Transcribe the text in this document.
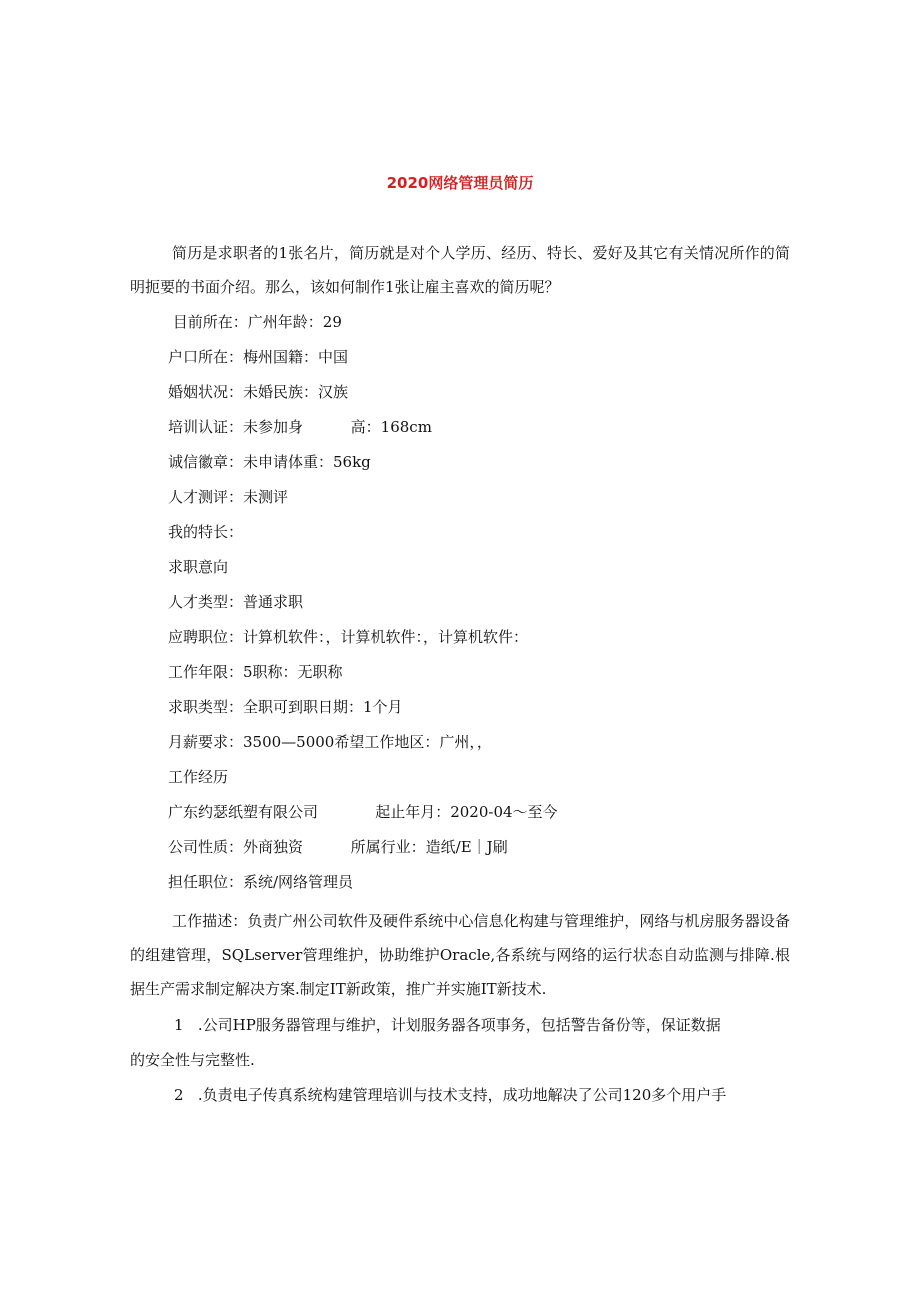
2020网络管理员简历

简历是求职者的1张名片，简历就是对个人学历、经历、特长、爱好及其它有关情况所作的简明扼要的书面介绍。那么，该如何制作1张让雇主喜欢的简历呢？

目前所在：广州年龄：29

户口所在：梅州国籍：中国

婚姻状况：未婚民族：汉族

培训认证：未参加身          高：168cm

诚信徽章：未申请体重：56kg

人才测评：未测评

我的特长：

求职意向

人才类型：普通求职

应聘职位：计算机软件：，计算机软件：，计算机软件：

工作年限：5职称：无职称

求职类型：全职可到职日期：1个月

月薪要求：3500—5000希望工作地区：广州，，

工作经历

广东约瑟纸塑有限公司            起止年月：2020-04～至今

公司性质：外商独资          所属行业：造纸/E｜J刷

担任职位：系统/网络管理员

工作描述：负责广州公司软件及硬件系统中心信息化构建与管理维护，网络与机房服务器设备的组建管理，SQLserver管理维护，协助维护Oracle,各系统与网络的运行状态自动监测与排障.根据生产需求制定解决方案.制定IT新政策，推广并实施IT新技术.

1   .公司HP服务器管理与维护，计划服务器各项事务，包括警告备份等，保证数据

的安全性与完整性.

2   .负责电子传真系统构建管理培训与技术支持，成功地解决了公司120多个用户手
